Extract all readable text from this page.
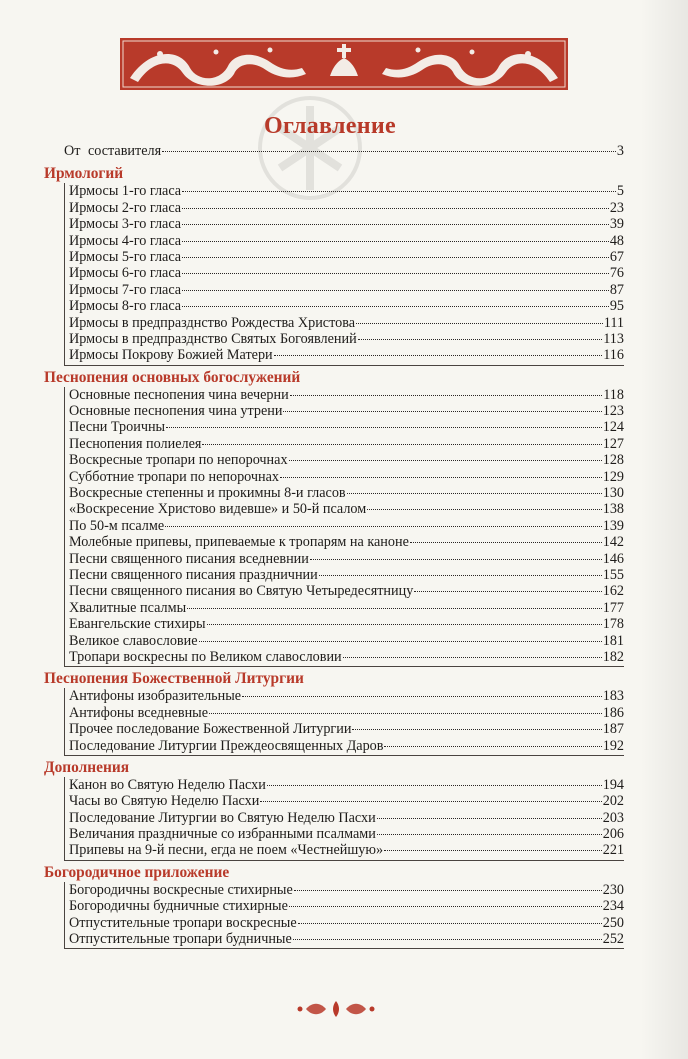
Оглавление
От составителя	3
Ирмологий
Ирмосы 1-го гласа	5
Ирмосы 2-го гласа	23
Ирмосы 3-го гласа	39
Ирмосы 4-го гласа	48
Ирмосы 5-го гласа	67
Ирмосы 6-го гласа	76
Ирмосы 7-го гласа	87
Ирмосы 8-го гласа	95
Ирмосы в предпразднство Рождества Христова	111
Ирмосы в предпразднство Святых Богоявлений	113
Ирмосы Покрову Божией Матери	116
Песнопения основных богослужений
Основные песнопения чина вечерни	118
Основные песнопения чина утрени	123
Песни Троичны	124
Песнопения полиелея	127
Воскресные тропари по непорочнах	128
Субботние тропари по непорочнах	129
Воскресные степенны и прокимны 8-и гласов	130
«Воскресение Христово видевше» и 50-й псалом	138
По 50-м псалме	139
Молебные припевы, припеваемые к тропарям на каноне	142
Песни священного писания вседневнии	146
Песни священного писания праздничнии	155
Песни священного писания во Святую Четыредесятницу	162
Хвалитные псалмы	177
Евангельские стихиры	178
Великое славословие	181
Тропари воскресны по Великом славословии	182
Песнопения Божественной Литургии
Антифоны изобразительные	183
Антифоны вседневные	186
Прочее последование Божественной Литургии	187
Последование Литургии Преждеосвященных Даров	192
Дополнения
Канон во Святую Неделю Пасхи	194
Часы во Святую Неделю Пасхи	202
Последование Литургии во Святую Неделю Пасхи	203
Величания праздничные со избранными псалмами	206
Припевы на 9-й песни, егда не поем «Честнейшую»	221
Богородичное приложение
Богородичны воскресные стихирные	230
Богородичны будничные стихирные	234
Отпустительные тропари воскресные	250
Отпустительные тропари будничные	252
